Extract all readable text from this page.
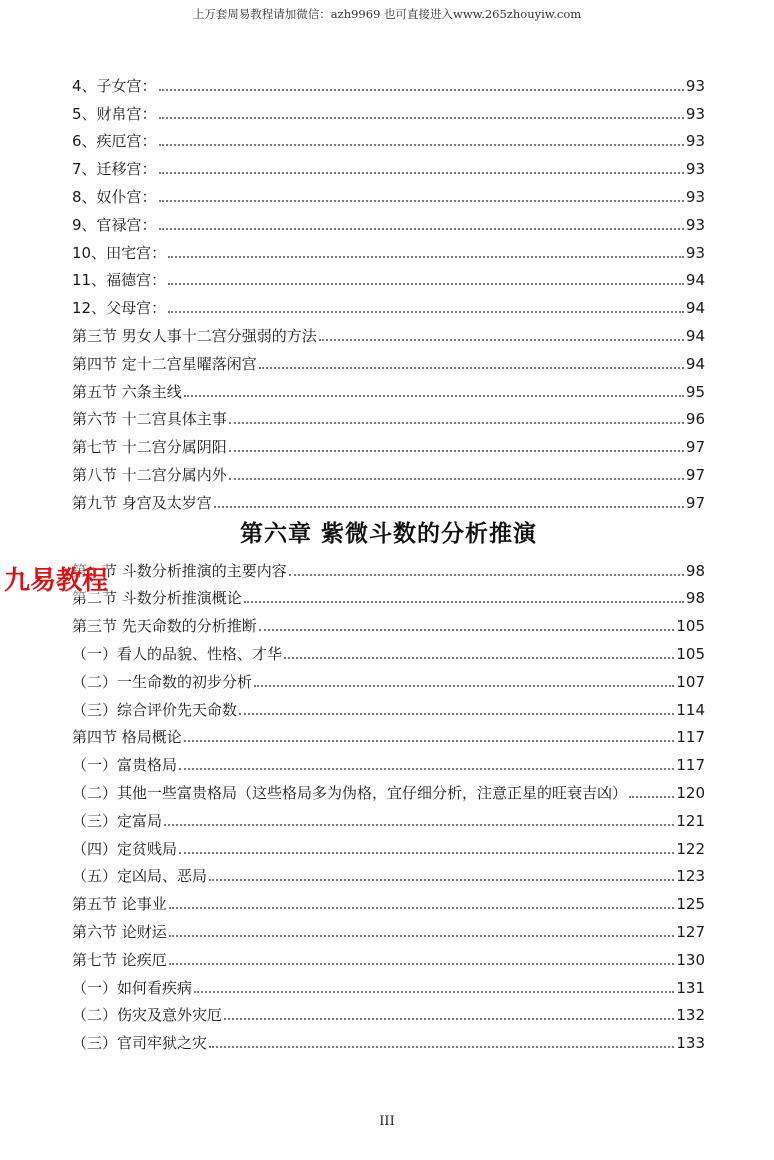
上万套周易教程请加微信：azh9969 也可直接进入www.265zhouyiw.com
4、子女宫：	93
5、财帛宫：	93
6、疾厄宫：	93
7、迁移宫：	93
8、奴仆宫：	93
9、官禄宫：	93
10、田宅宫：	93
11、福德宫：	94
12、父母宫：	94
第三节 男女人事十二宫分强弱的方法	94
第四节 定十二宫星曜落闲宫	94
第五节 六条主线	95
第六节 十二宫具体主事	96
第七节 十二宫分属阴阳	97
第八节 十二宫分属内外	97
第九节 身宫及太岁宫	97
第六章 紫微斗数的分析推演
第一节 斗数分析推演的主要内容	98
第二节 斗数分析推演概论	98
第三节 先天命数的分析推断	105
（一）看人的品貌、性格、才华	105
（二）一生命数的初步分析	107
（三）综合评价先天命数	114
第四节 格局概论	117
（一）富贵格局	117
（二）其他一些富贵格局（这些格局多为伪格，宜仔细分析，注意正星的旺衰吉凶）	120
（三）定富局	121
（四）定贫贱局	122
（五）定凶局、恶局	123
第五节 论事业	125
第六节 论财运	127
第七节 论疾厄	130
（一）如何看疾病	131
（二）伤灾及意外灾厄	132
（三）官司牢狱之灾	133
九易教程
III
